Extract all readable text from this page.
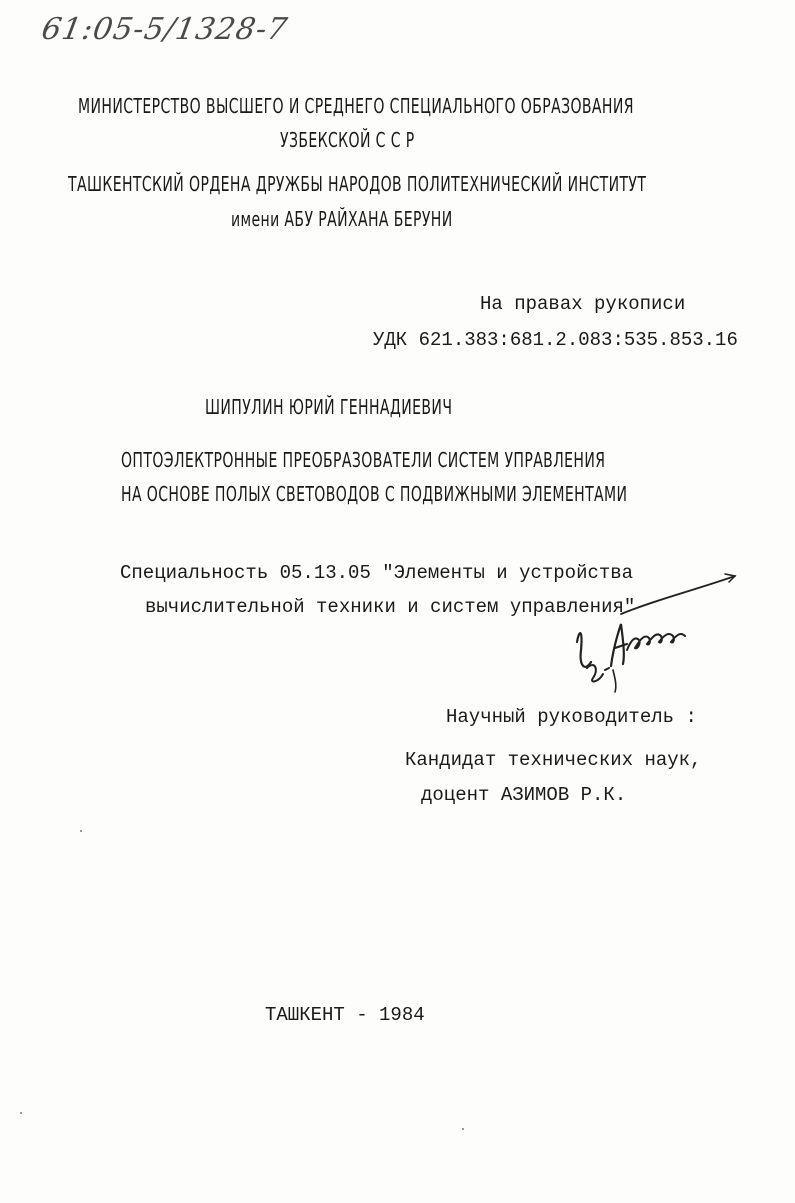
61:05-5/1328-7
МИНИСТЕРСТВО ВЫСШЕГО И СРЕДНЕГО СПЕЦИАЛЬНОГО ОБРАЗОВАНИЯ
УЗБЕКСКОЙ С С Р
ТАШКЕНТСКИЙ ОРДЕНА ДРУЖБЫ НАРОДОВ ПОЛИТЕХНИЧЕСКИЙ ИНСТИТУТ
имени АБУ РАЙХАНА БЕРУНИ
На правах рукописи
УДК 621.383:681.2.083:535.853.16
ШИПУЛИН ЮРИЙ ГЕННАДИЕВИЧ
ОПТОЭЛЕКТРОННЫЕ ПРЕОБРАЗОВАТЕЛИ СИСТЕМ УПРАВЛЕНИЯ
НА ОСНОВЕ ПОЛЫХ СВЕТОВОДОВ С ПОДВИЖНЫМИ ЭЛЕМЕНТАМИ
Специальность 05.13.05 "Элементы и устройства
вычислительной техники и систем управления"
Научный руководитель :
Кандидат технических наук,
доцент АЗИМОВ Р.К.
ТАШКЕНТ - 1984
